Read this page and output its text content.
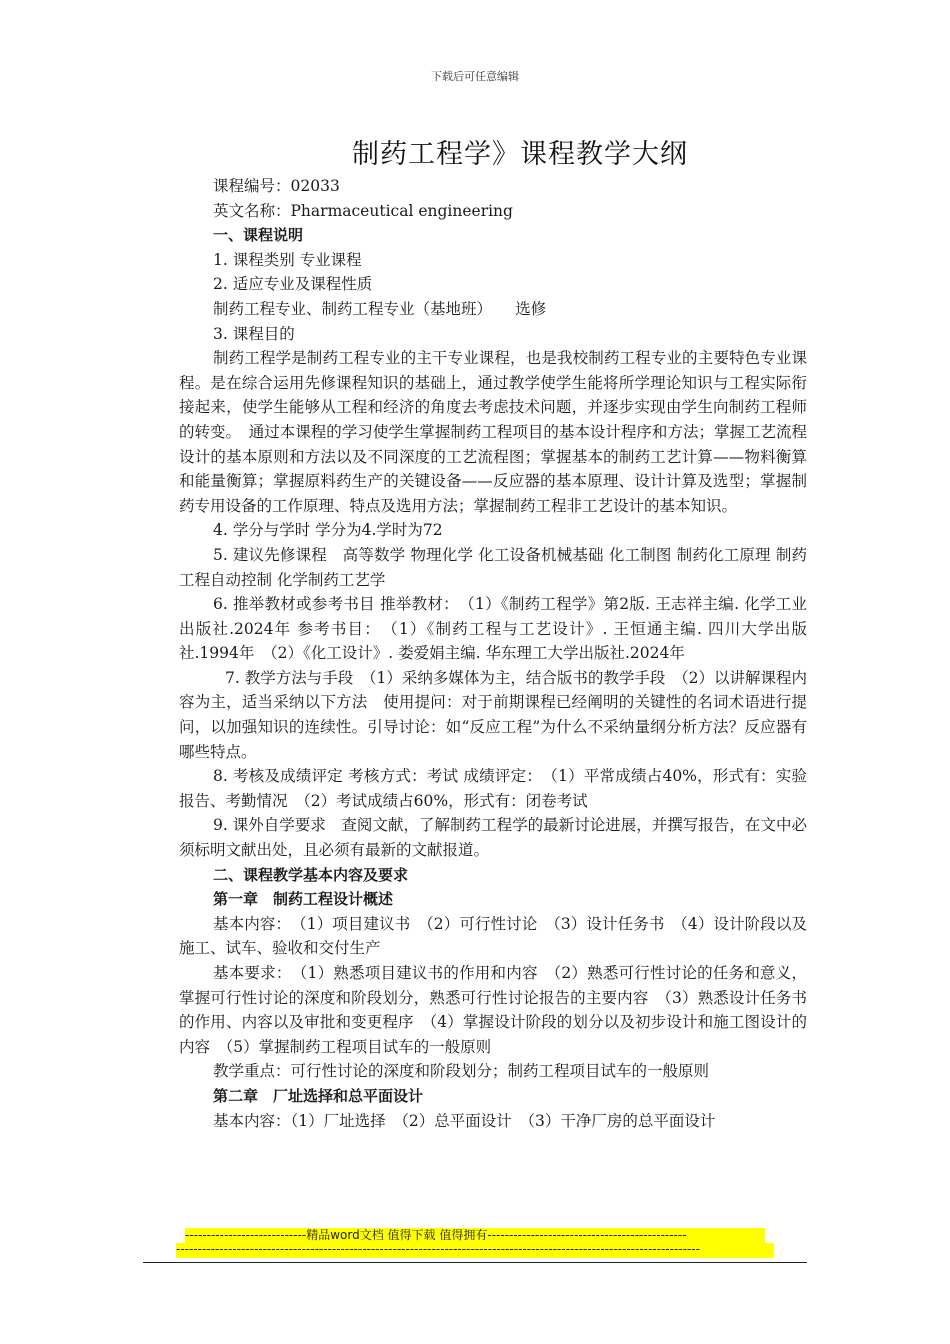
下载后可任意编辑
制药工程学》课程教学大纲

课程编号：02033

英文名称：Pharmaceutical engineering

一、课程说明

1. 课程类别 专业课程

2. 适应专业及课程性质

制药工程专业、制药工程专业（基地班）　　选修

3. 课程目的

制药工程学是制药工程专业的主干专业课程，也是我校制药工程专业的主要特色专业课程。是在综合运用先修课程知识的基础上，通过教学使学生能将所学理论知识与工程实际衔接起来，使学生能够从工程和经济的角度去考虑技术问题，并逐步实现由学生向制药工程师的转变。　通过本课程的学习使学生掌握制药工程项目的基本设计程序和方法；掌握工艺流程设计的基本原则和方法以及不同深度的工艺流程图；掌握基本的制药工艺计算——物料衡算和能量衡算；掌握原料药生产的关键设备——反应器的基本原理、设计计算及选型；掌握制药专用设备的工作原理、特点及选用方法；掌握制药工程非工艺设计的基本知识。

4. 学分与学时 学分为4.学时为72

5. 建议先修课程　高等数学 物理化学 化工设备机械基础 化工制图 制药化工原理 制药工程自动控制 化学制药工艺学

6. 推举教材或参考书目 推举教材：　（1）《制药工程学》第2版. 王志祥主编. 化学工业出版社.2024年 参考书目：　（1）《制药工程与工艺设计》. 王恒通主编. 四川大学出版社.1994年　（2）《化工设计》. 娄爱娟主编. 华东理工大学出版社.2024年

7. 教学方法与手段　（1）采纳多媒体为主，结合版书的教学手段　（2）以讲解课程内容为主，适当采纳以下方法　使用提问：对于前期课程已经阐明的关键性的名词术语进行提问，以加强知识的连续性。引导讨论：如“反应工程”为什么不采纳量纲分析方法？反应器有哪些特点。

8. 考核及成绩评定 考核方式：考试 成绩评定：　（1）平常成绩占40%，形式有：实验报告、考勤情况　（2）考试成绩占60%，形式有：闭卷考试

9. 课外自学要求　查阅文献，了解制药工程学的最新讨论进展，并撰写报告，在文中必须标明文献出处，且必须有最新的文献报道。

二、课程教学基本内容及要求

第一章　制药工程设计概述

基本内容：　（1）项目建议书　（2）可行性讨论　（3）设计任务书　（4）设计阶段以及施工、试车、验收和交付生产

基本要求：　（1）熟悉项目建议书的作用和内容　（2）熟悉可行性讨论的任务和意义，掌握可行性讨论的深度和阶段划分，熟悉可行性讨论报告的主要内容　（3）熟悉设计任务书的作用、内容以及审批和变更程序　（4）掌握设计阶段的划分以及初步设计和施工图设计的内容　（5）掌握制药工程项目试车的一般原则

教学重点：可行性讨论的深度和阶段划分；制药工程项目试车的一般原则

第二章　厂址选择和总平面设计

基本内容：（1）厂址选择　（2）总平面设计　（3）干净厂房的总平面设计

----------------------------精品word文档 值得下载 值得拥有----------------------------------------------
-------------------------------------------------------------------------------------------------------------------------
